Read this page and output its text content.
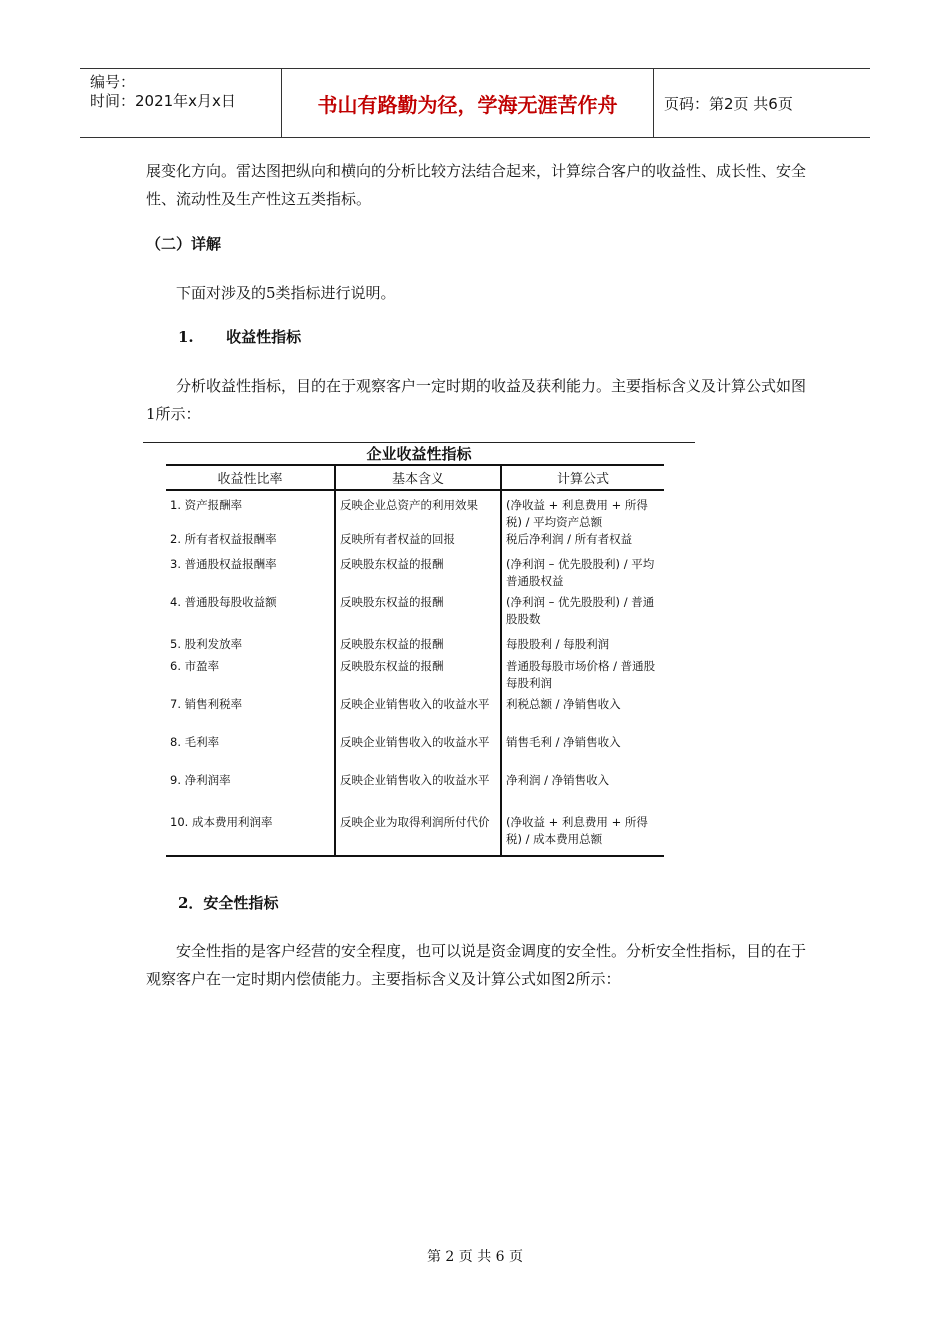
编号：
时间：2021年x月x日	书山有路勤为径，学海无涯苦作舟	页码：第2页 共6页

展变化方向。雷达图把纵向和横向的分析比较方法结合起来，计算综合客户的收益性、成长性、安全性、流动性及生产性这五类指标。

（二）详解

下面对涉及的5类指标进行说明。

1. 收益性指标

分析收益性指标，目的在于观察客户一定时期的收益及获利能力。主要指标含义及计算公式如图1所示：

企业收益性指标
收益性比率	基本含义	计算公式
1. 资产报酬率	反映企业总资产的利用效果	(净收益 + 利息费用 + 所得税) / 平均资产总额
2. 所有者权益报酬率	反映所有者权益的回报	税后净利润 / 所有者权益
3. 普通股权益报酬率	反映股东权益的报酬	(净利润 – 优先股股利) / 平均普通股权益
4. 普通股每股收益额	反映股东权益的报酬	(净利润 – 优先股股利) / 普通股股数
5. 股利发放率	反映股东权益的报酬	每股股利 / 每股利润
6. 市盈率	反映股东权益的报酬	普通股每股市场价格 / 普通股每股利润
7. 销售利税率	反映企业销售收入的收益水平	利税总额 / 净销售收入
8. 毛利率	反映企业销售收入的收益水平	销售毛利 / 净销售收入
9. 净利润率	反映企业销售收入的收益水平	净利润 / 净销售收入
10. 成本费用利润率	反映企业为取得利润所付代价	(净收益 + 利息费用 + 所得税) / 成本费用总额

2．安全性指标

安全性指的是客户经营的安全程度，也可以说是资金调度的安全性。分析安全性指标，目的在于观察客户在一定时期内偿债能力。主要指标含义及计算公式如图2所示：

第 2 页 共 6 页
